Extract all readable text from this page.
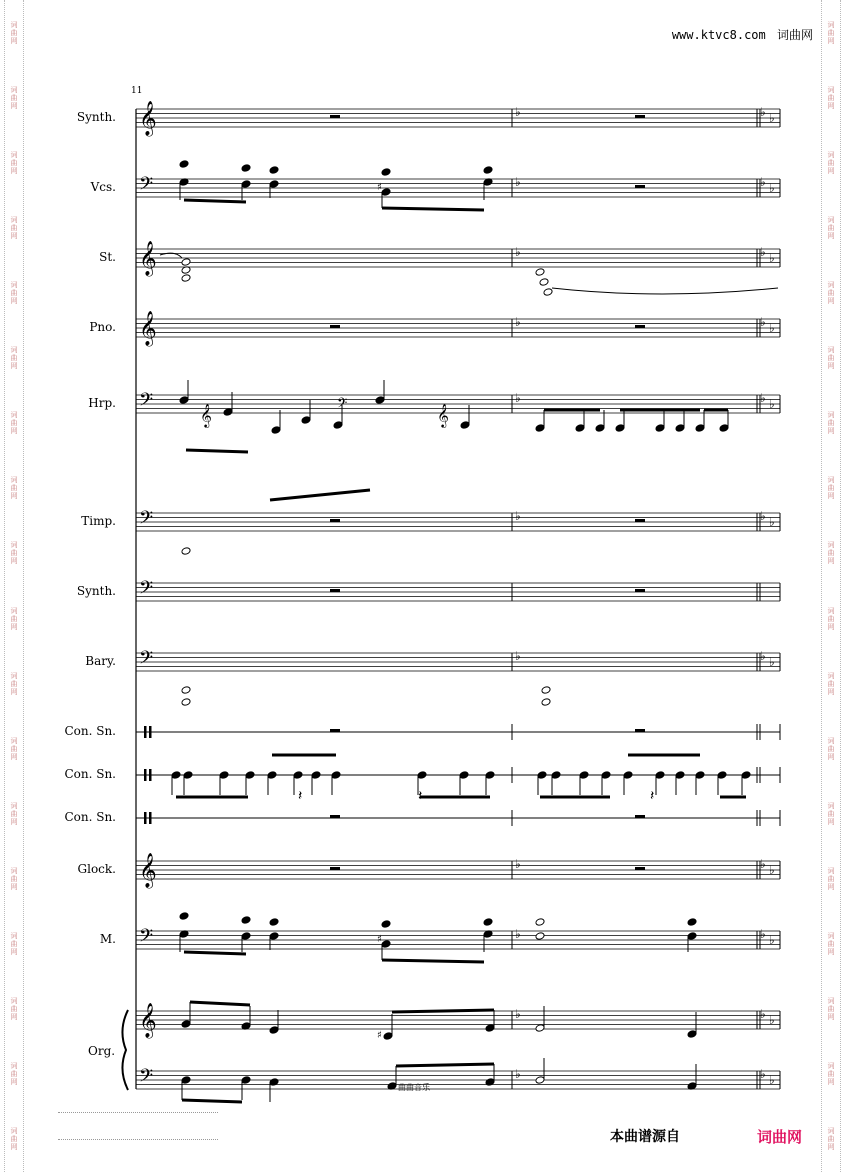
词曲网
词曲网
词曲网
词曲网
词曲网
词曲网
词曲网
词曲网
词曲网
词曲网
词曲网
词曲网
词曲网
词曲网
词曲网
词曲网
词曲网
词曲网
词曲网
词曲网
词曲网
词曲网
词曲网
词曲网
词曲网
词曲网
词曲网
词曲网
词曲网
词曲网
词曲网
词曲网
词曲网
词曲网
词曲网
词曲网
www.ktvc8.com 词曲网
11
Synth.
Vcs.
St.
Pno.
Hrp.
Timp.
Synth.
Bary.
Con. Sn.
Con. Sn.
Con. Sn.
Glock.
M.
Org.
𝄞	♭	♭ ♭
𝄢	♭	♭ ♭
𝄞	♭	♭ ♭
𝄞	♭	♭ ♭
𝄢	♭	♭ ♭
𝄢	♭	♭ ♭
𝄢
𝄢	♭	♭ ♭
𝄞	♭	♭ ♭
𝄢	♭	♭ ♭
𝄞	♭	♭ ♭
𝄢	♭	♭ ♭
♯
♯
𝄞	𝄢	𝄞
𝄽	𝄽	𝄽
♯
曲曲音乐
本曲谱源自	词曲网
